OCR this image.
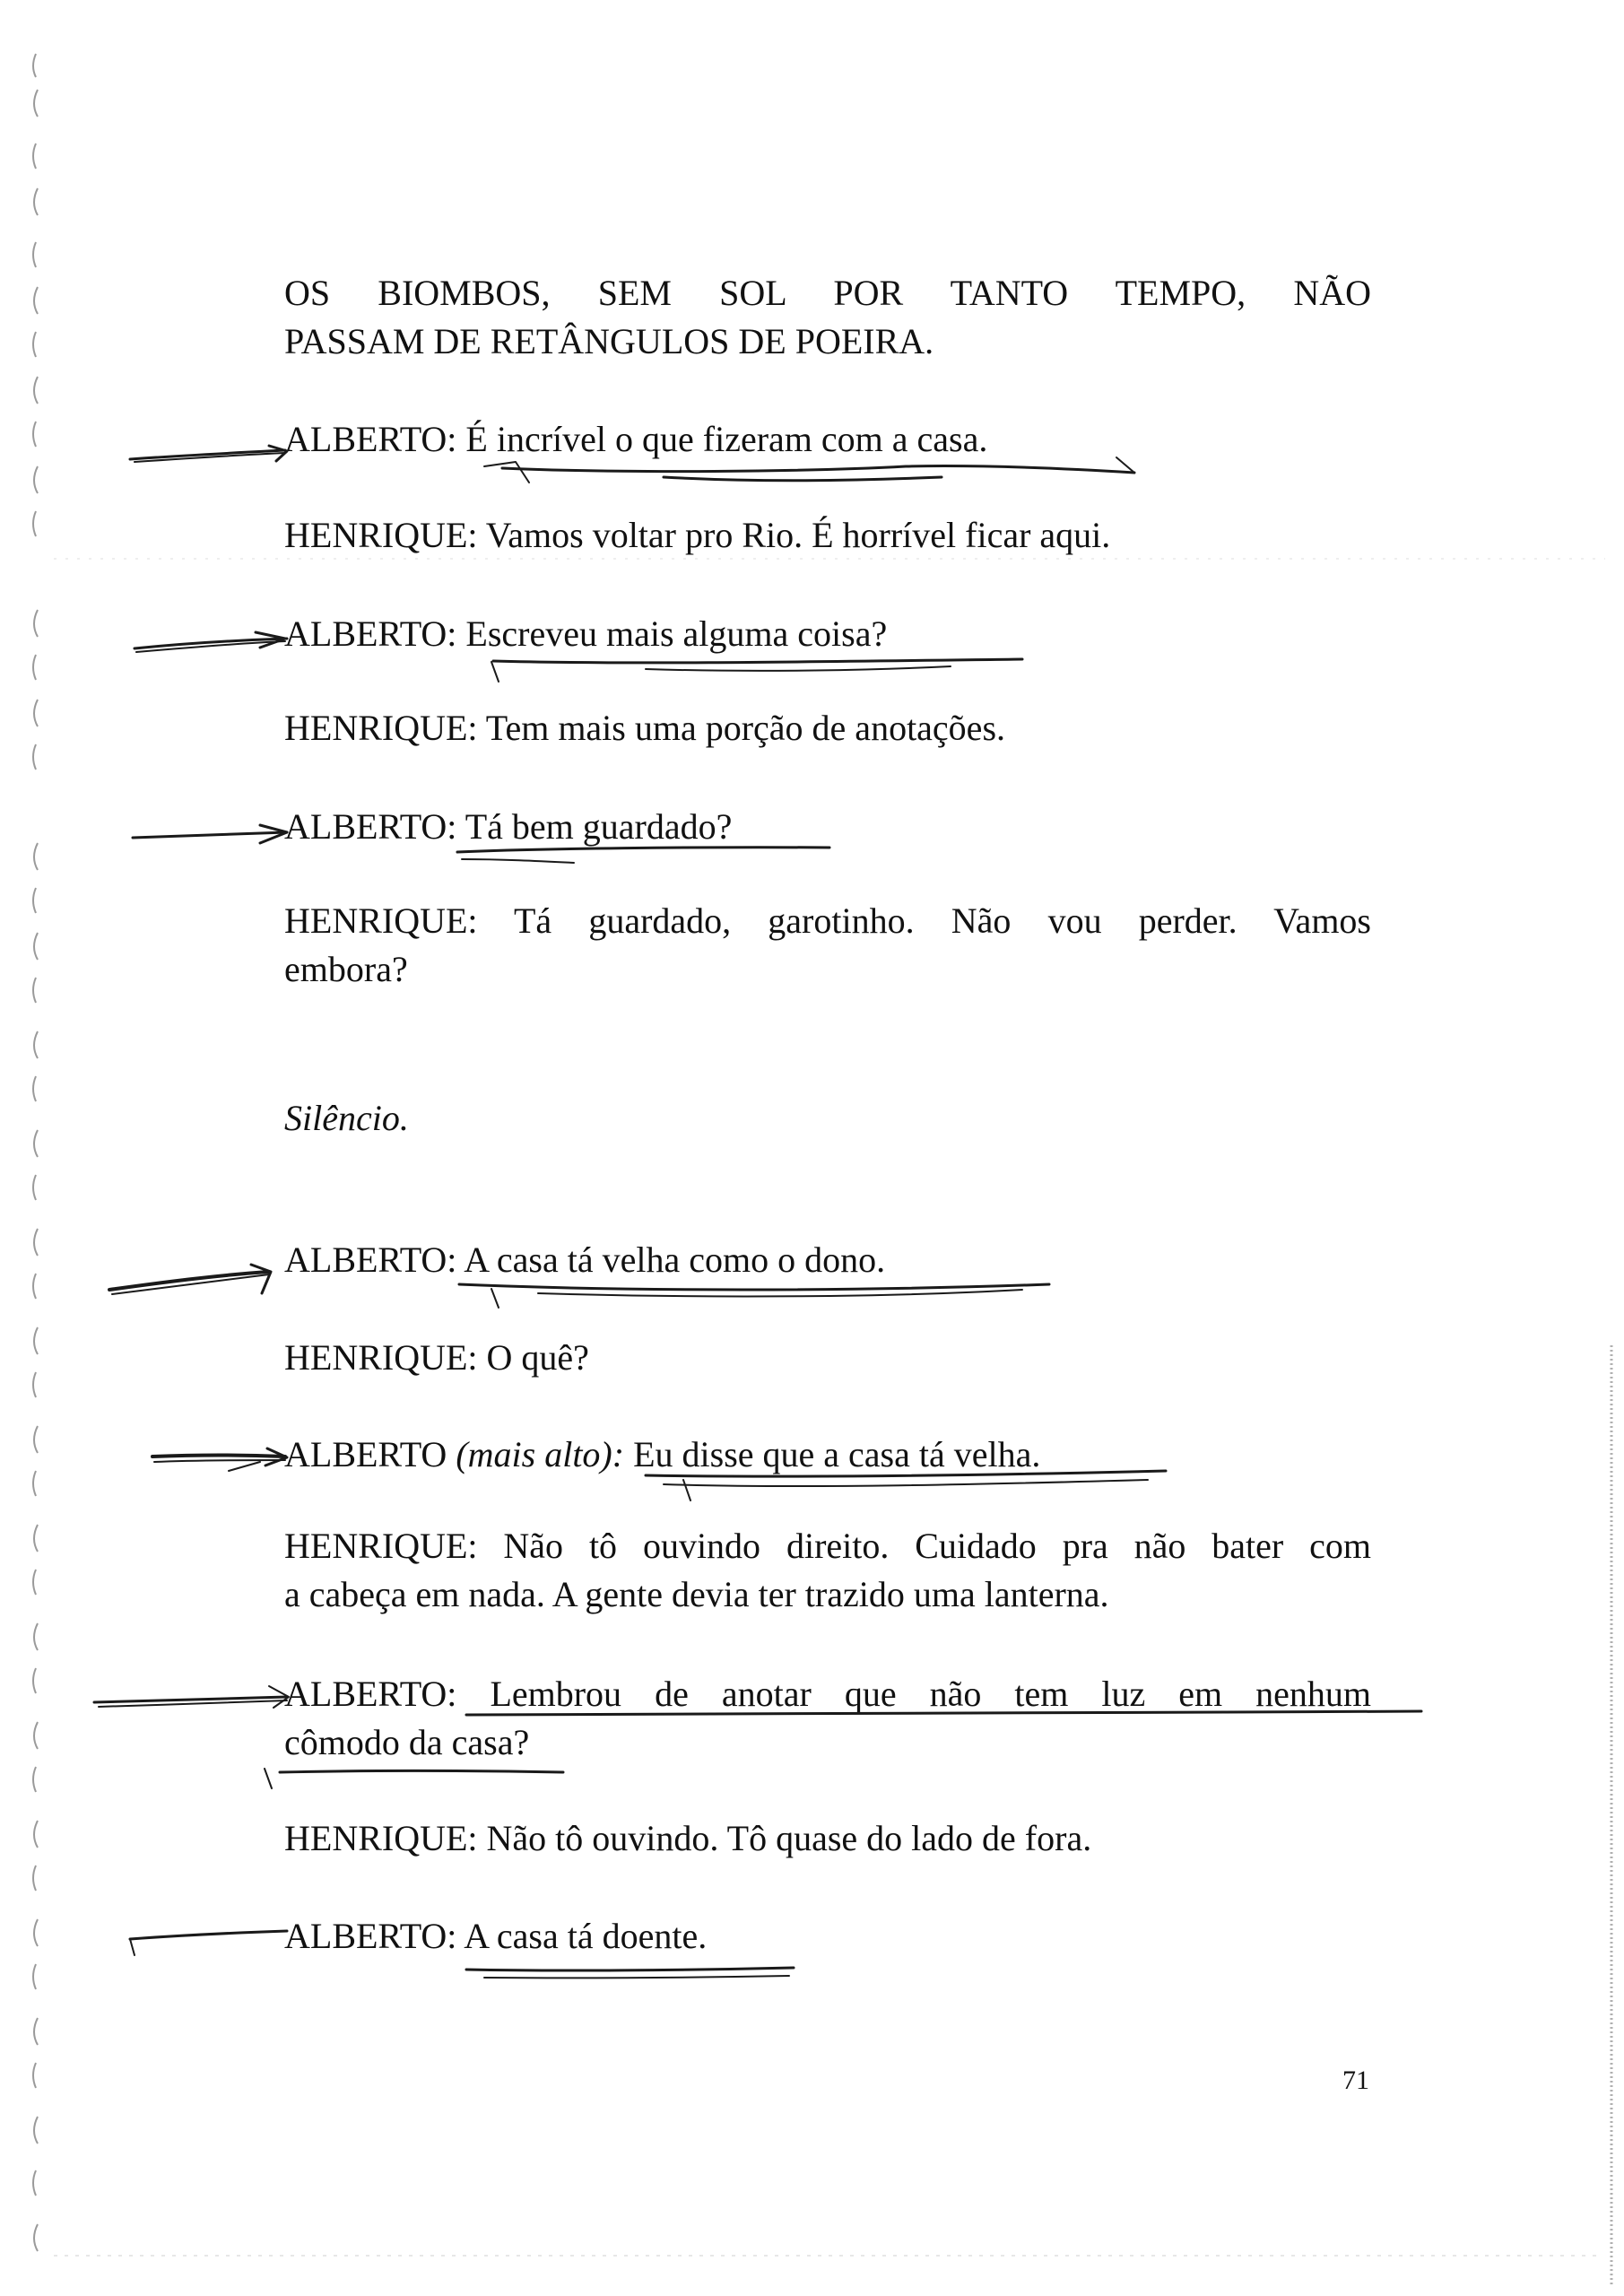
OS BIOMBOS, SEM SOL POR TANTO TEMPO, NÃO
PASSAM DE RETÂNGULOS DE POEIRA.

ALBERTO: É incrível o que fizeram com a casa.

HENRIQUE: Vamos voltar pro Rio. É horrível ficar aqui.

ALBERTO: Escreveu mais alguma coisa?

HENRIQUE: Tem mais uma porção de anotações.

ALBERTO: Tá bem guardado?

HENRIQUE: Tá guardado, garotinho. Não vou perder. Vamos
embora?

Silêncio.

ALBERTO: A casa tá velha como o dono.

HENRIQUE: O quê?

ALBERTO (mais alto): Eu disse que a casa tá velha.

HENRIQUE: Não tô ouvindo direito. Cuidado pra não bater com
a cabeça em nada. A gente devia ter trazido uma lanterna.

ALBERTO: Lembrou de anotar que não tem luz em nenhum
cômodo da casa?

HENRIQUE: Não tô ouvindo. Tô quase do lado de fora.

ALBERTO: A casa tá doente.

71
